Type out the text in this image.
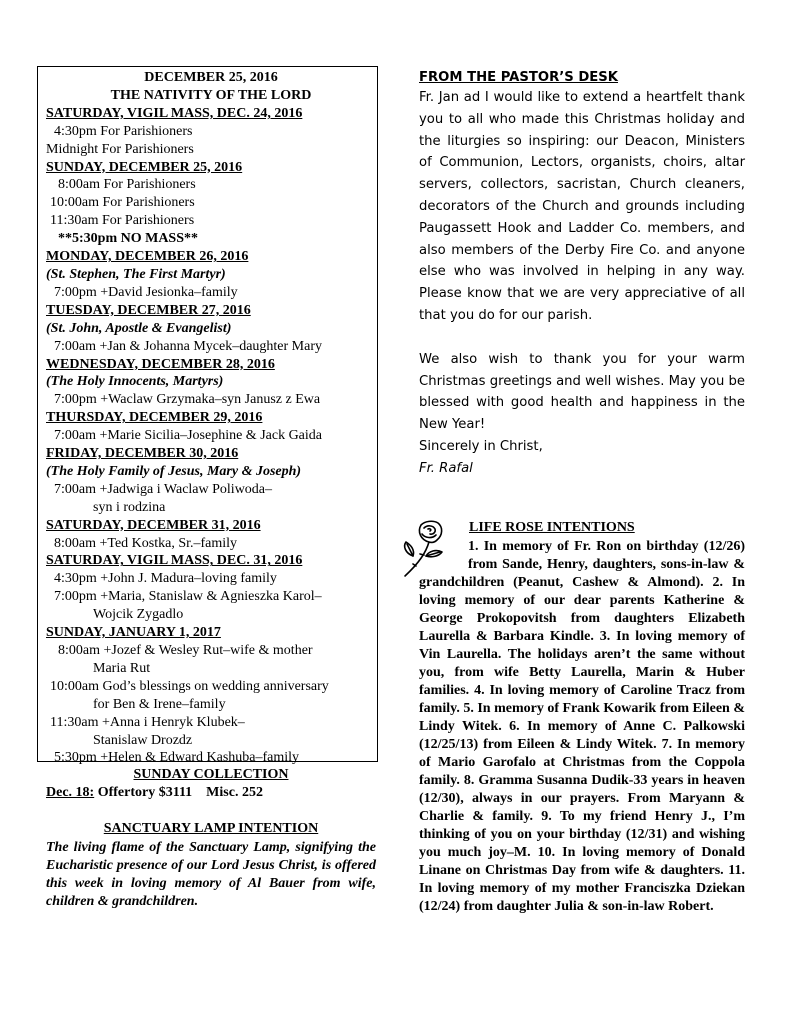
DECEMBER 25, 2016
THE NATIVITY OF THE LORD
SATURDAY, VIGIL MASS, DEC. 24, 2016
4:30pm For Parishioners
Midnight For Parishioners
SUNDAY, DECEMBER 25, 2016
8:00am For Parishioners
10:00am For Parishioners
11:30am For Parishioners
**5:30pm NO MASS**
MONDAY, DECEMBER 26, 2016
(St. Stephen, The First Martyr)
7:00pm +David Jesionka–family
TUESDAY, DECEMBER 27, 2016
(St. John, Apostle & Evangelist)
7:00am +Jan & Johanna Mycek–daughter Mary
WEDNESDAY, DECEMBER 28, 2016
(The Holy Innocents, Martyrs)
7:00pm +Waclaw Grzymaka–syn Janusz z Ewa
THURSDAY, DECEMBER 29, 2016
7:00am +Marie Sicilia–Josephine & Jack Gaida
FRIDAY, DECEMBER 30, 2016
(The Holy Family of Jesus, Mary & Joseph)
7:00am +Jadwiga i Waclaw Poliwoda–
syn i rodzina
SATURDAY, DECEMBER 31, 2016
8:00am +Ted Kostka, Sr.–family
SATURDAY, VIGIL MASS, DEC. 31, 2016
4:30pm +John J. Madura–loving family
7:00pm +Maria, Stanislaw & Agnieszka Karol–
Wojcik Zygadlo
SUNDAY, JANUARY 1, 2017
8:00am +Jozef & Wesley Rut–wife & mother
Maria Rut
10:00am God’s blessings on wedding anniversary
for Ben & Irene–family
11:30am +Anna i Henryk Klubek–
Stanislaw Drozdz
5:30pm +Helen & Edward Kashuba–family
SUNDAY COLLECTION
Dec. 18: Offertory $3111    Misc. 252
SANCTUARY LAMP INTENTION

The living flame of the Sanctuary Lamp, signifying the Eucharistic presence of our Lord Jesus Christ, is offered this week in loving memory of Al Bauer from wife, children & grandchildren.

FROM THE PASTOR’S DESK

Fr. Jan ad I would like to extend a heartfelt thank you to all who made this Christmas holiday and the liturgies so inspiring: our Deacon, Ministers of Communion, Lectors, organists, choirs, altar servers, collectors, sacristan, Church cleaners, decorators of the Church and grounds including Paugassett Hook and Ladder Co. members, and also members of the Derby Fire Co. and anyone else who was involved in helping in any way. Please know that we are very appreciative of all that you do for our parish.

We also wish to thank you for your warm Christmas greetings and well wishes. May you be blessed with good health and happiness in the New Year!

Sincerely in Christ,
Fr. Rafal
LIFE ROSE INTENTIONS
1. In memory of Fr. Ron on birthday (12/26) from Sande, Henry, daughters, sons-in-law & grandchildren (Peanut, Cashew & Almond). 2. In loving memory of our dear parents Katherine & George Prokopovitsh from daughters Elizabeth Laurella & Barbara Kindle. 3. In loving memory of Vin Laurella. The holidays aren’t the same without you, from wife Betty Laurella, Marin & Huber families. 4. In loving memory of Caroline Tracz from family. 5. In memory of Frank Kowarik from Eileen & Lindy Witek. 6. In memory of Anne C. Palkowski (12/25/13) from Eileen & Lindy Witek. 7. In memory of Mario Garofalo at Christmas from the Coppola family. 8. Gramma Susanna Dudik-33 years in heaven (12/30), always in our prayers. From Maryann & Charlie & family. 9. To my friend Henry J., I’m thinking of you on your birthday (12/31) and wishing you much joy–M. 10. In loving memory of Donald Linane on Christmas Day from wife & daughters. 11. In loving memory of my mother Franciszka Dziekan (12/24) from daughter Julia & son-in-law Robert.
